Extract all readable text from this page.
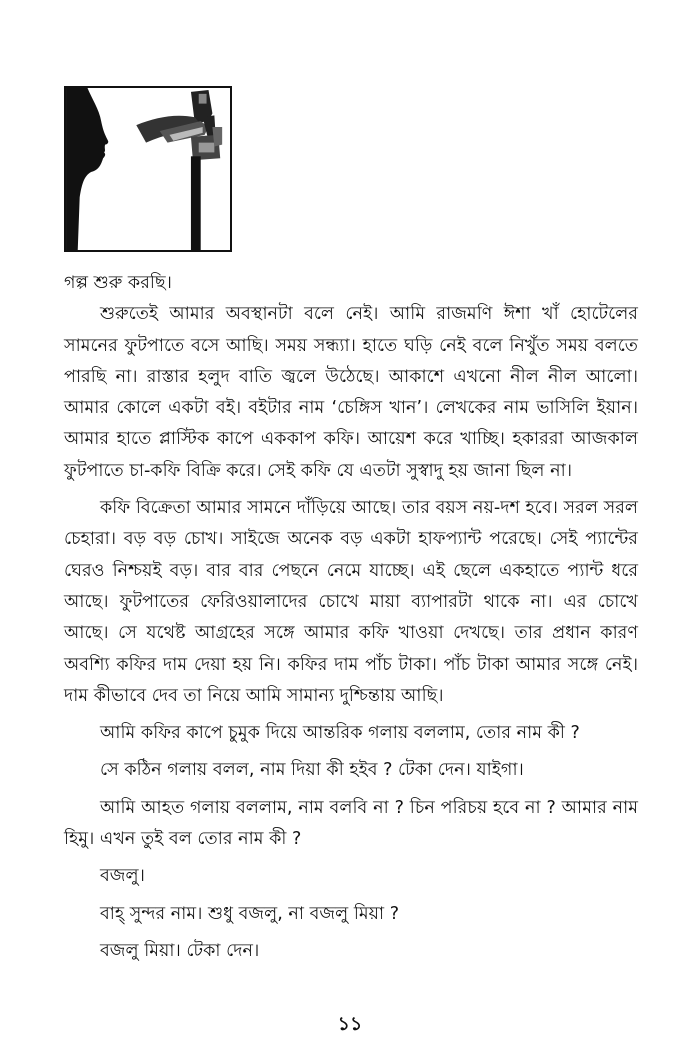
গল্প শুরু করছি।

শুরুতেই আমার অবস্থানটা বলে নেই। আমি রাজমণি ঈশা খাঁ হোটেলের সামনের ফুটপাতে বসে আছি। সময় সন্ধ্যা। হাতে ঘড়ি নেই বলে নিখুঁত সময় বলতে পারছি না। রাস্তার হলুদ বাতি জ্বলে উঠেছে। আকাশে এখনো নীল নীল আলো। আমার কোলে একটা বই। বইটার নাম ‘চেঙ্গিস খান’। লেখকের নাম ভাসিলি ইয়ান। আমার হাতে প্লাস্টিক কাপে এককাপ কফি। আয়েশ করে খাচ্ছি। হকাররা আজকাল ফুটপাতে চা-কফি বিক্রি করে। সেই কফি যে এতটা সুস্বাদু হয় জানা ছিল না।

কফি বিক্রেতা আমার সামনে দাঁড়িয়ে আছে। তার বয়স নয়-দশ হবে। সরল সরল চেহারা। বড় বড় চোখ। সাইজে অনেক বড় একটা হাফপ্যান্ট পরেছে। সেই প্যান্টের ঘেরও নিশ্চয়ই বড়। বার বার পেছনে নেমে যাচ্ছে। এই ছেলে একহাতে প্যান্ট ধরে আছে। ফুটপাতের ফেরিওয়ালাদের চোখে মায়া ব্যাপারটা থাকে না। এর চোখে আছে। সে যথেষ্ট আগ্রহের সঙ্গে আমার কফি খাওয়া দেখছে। তার প্রধান কারণ অবশ্যি কফির দাম দেয়া হয় নি। কফির দাম পাঁচ টাকা। পাঁচ টাকা আমার সঙ্গে নেই। দাম কীভাবে দেব তা নিয়ে আমি সামান্য দুশ্চিন্তায় আছি।

আমি কফির কাপে চুমুক দিয়ে আন্তরিক গলায় বললাম, তোর নাম কী ?

সে কঠিন গলায় বলল, নাম দিয়া কী হইব ? টেকা দেন। যাইগা।

আমি আহত গলায় বললাম, নাম বলবি না ? চিন পরিচয় হবে না ? আমার নাম হিমু। এখন তুই বল তোর নাম কী ?

বজলু।

বাহ্ সুন্দর নাম। শুধু বজলু, না বজলু মিয়া ?

বজলু মিয়া। টেকা দেন।

১১
